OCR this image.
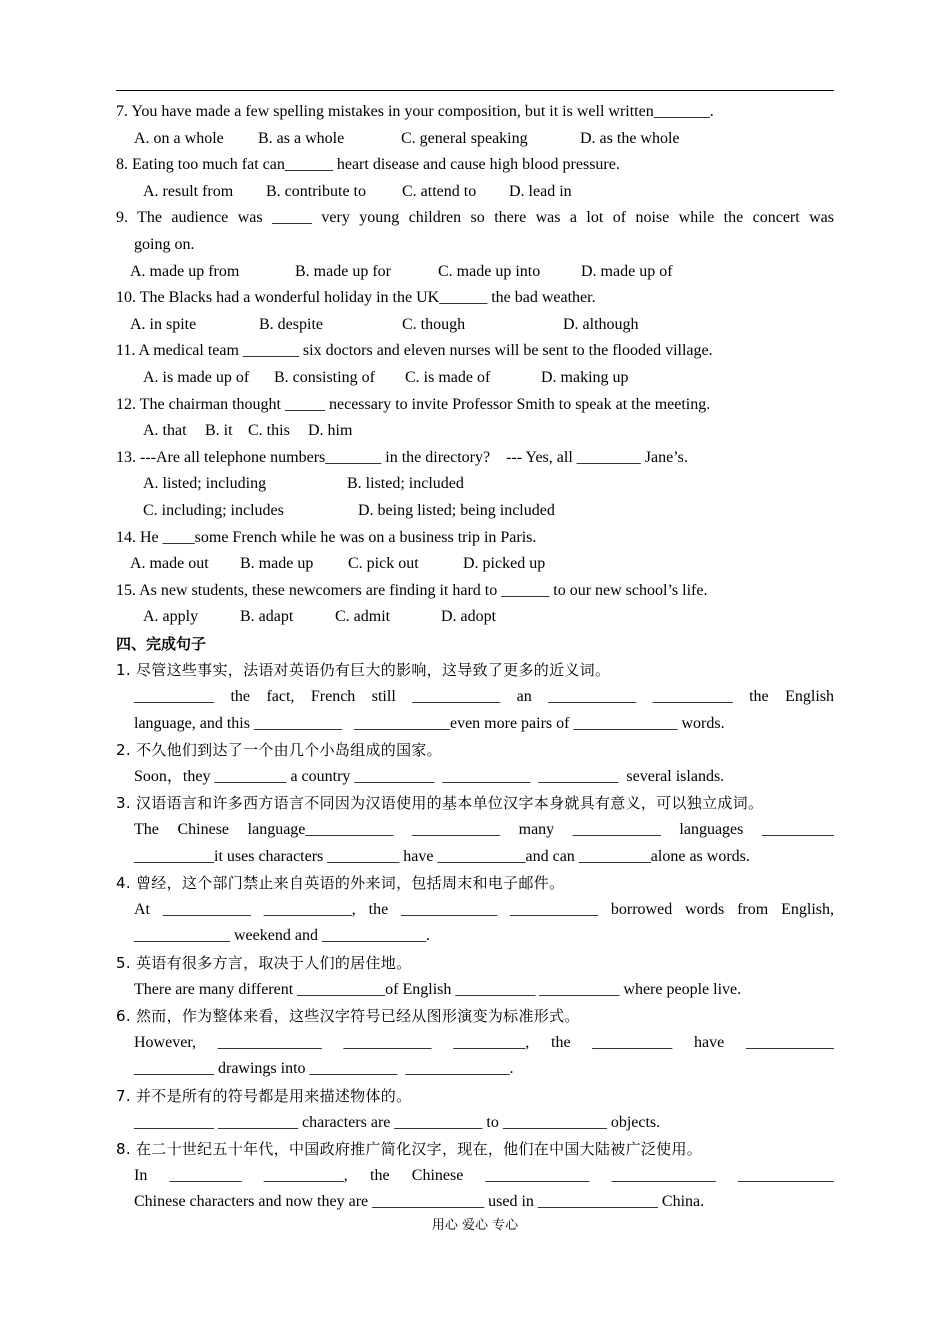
7. You have made a few spelling mistakes in your composition, but it is well written_______.
A. on a whole B. as a whole	C. general speaking	D. as the whole
8. Eating too much fat can______ heart disease and cause high blood pressure.
A. result from B. contribute to C. attend to D. lead in
9. The audience was _____ very young children so there was a lot of noise while the concert was
going on.
A. made up from	B. made up for	C. made up into	D. made up of
10. The Blacks had a wonderful holiday in the UK______ the bad weather.
A. in spite	B. despite	C. though	D. although
11. A medical team _______ six doctors and eleven nurses will be sent to the flooded village.
A. is made up of B. consisting of C. is made of	D. making up
12. The chairman thought _____ necessary to invite Professor Smith to speak at the meeting.
A. that B. it C. this D. him
13. ---Are all telephone numbers_______ in the directory?    --- Yes, all ________ Jane’s.
A. listed; including	B. listed; included
C. including; includes	D. being listed; being included
14. He ____some French while he was on a business trip in Paris.
A. made out B. made up C. pick out	D. picked up
15. As new students, these newcomers are finding it hard to ______ to our new school’s life.
A. apply	B. adapt	C. admit	D. adopt
四、完成句子
1. 尽管这些事实，法语对英语仍有巨大的影响，这导致了更多的近义词。
__________ the fact, French still ___________ an ___________ __________ the English
language, and this ___________   ____________even more pairs of _____________ words.
2. 不久他们到达了一个由几个小岛组成的国家。
Soon，they _________ a country __________  ___________  __________  several islands.
3. 汉语语言和许多西方语言不同因为汉语使用的基本单位汉字本身就具有意义，可以独立成词。
The Chinese language___________ ___________ many ___________ languages _________
__________it uses characters _________ have ___________and can _________alone as words.
4. 曾经，这个部门禁止来自英语的外来词，包括周末和电子邮件。
At ___________ ___________, the ____________ ___________ borrowed words from English,
____________ weekend and _____________.
5. 英语有很多方言，取决于人们的居住地。
There are many different ___________of English __________ __________ where people live.
6. 然而，作为整体来看，这些汉字符号已经从图形演变为标准形式。
However, _____________ ___________ _________, the __________ have ___________
__________ drawings into ___________  _____________.
7. 并不是所有的符号都是用来描述物体的。
__________ __________ characters are ___________ to _____________ objects.
8. 在二十世纪五十年代，中国政府推广简化汉字，现在，他们在中国大陆被广泛使用。
In _________ __________, the Chinese _____________ _____________ ____________
Chinese characters and now they are ______________ used in _______________ China.
用心 爱心 专心
